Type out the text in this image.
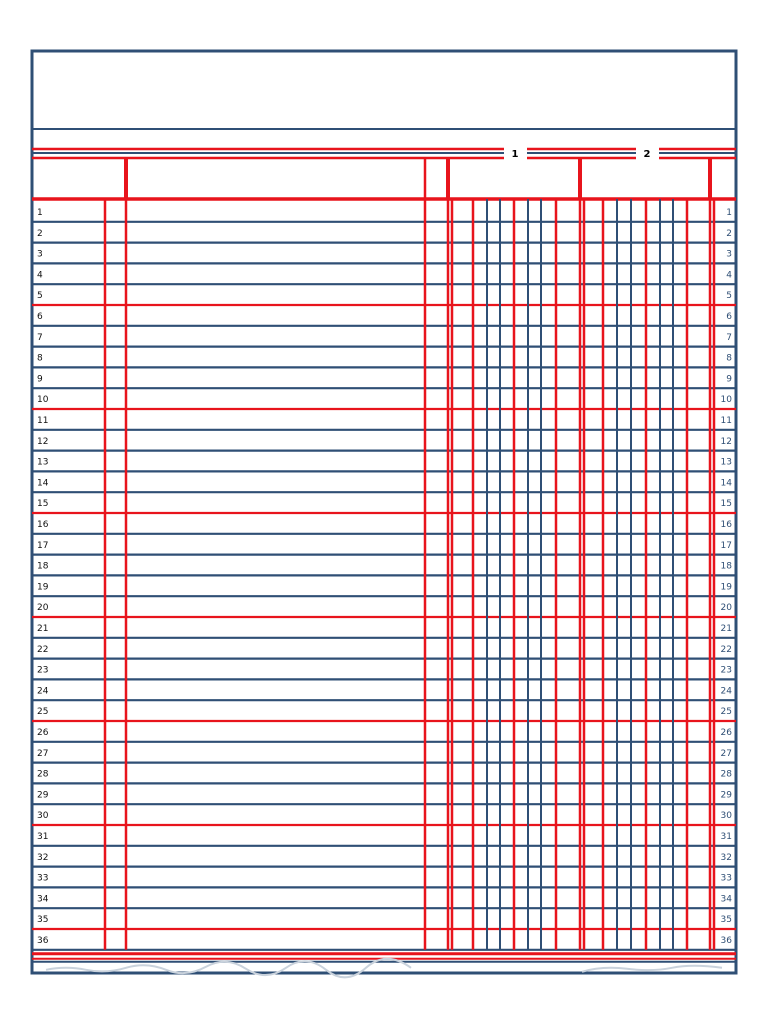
1	1
2	2
3	3
4	4
5	5
6	6
7	7
8	8
9	9
10	10
11	11
12	12
13	13
14	14
15	15
16	16
17	17
18	18
19	19
20	20
21	21
22	22
23	23
24	24
25	25
26	26
27	27
28	28
29	29
30	30
31	31
32	32
33	33
34	34
35	35
36	36
1	2
